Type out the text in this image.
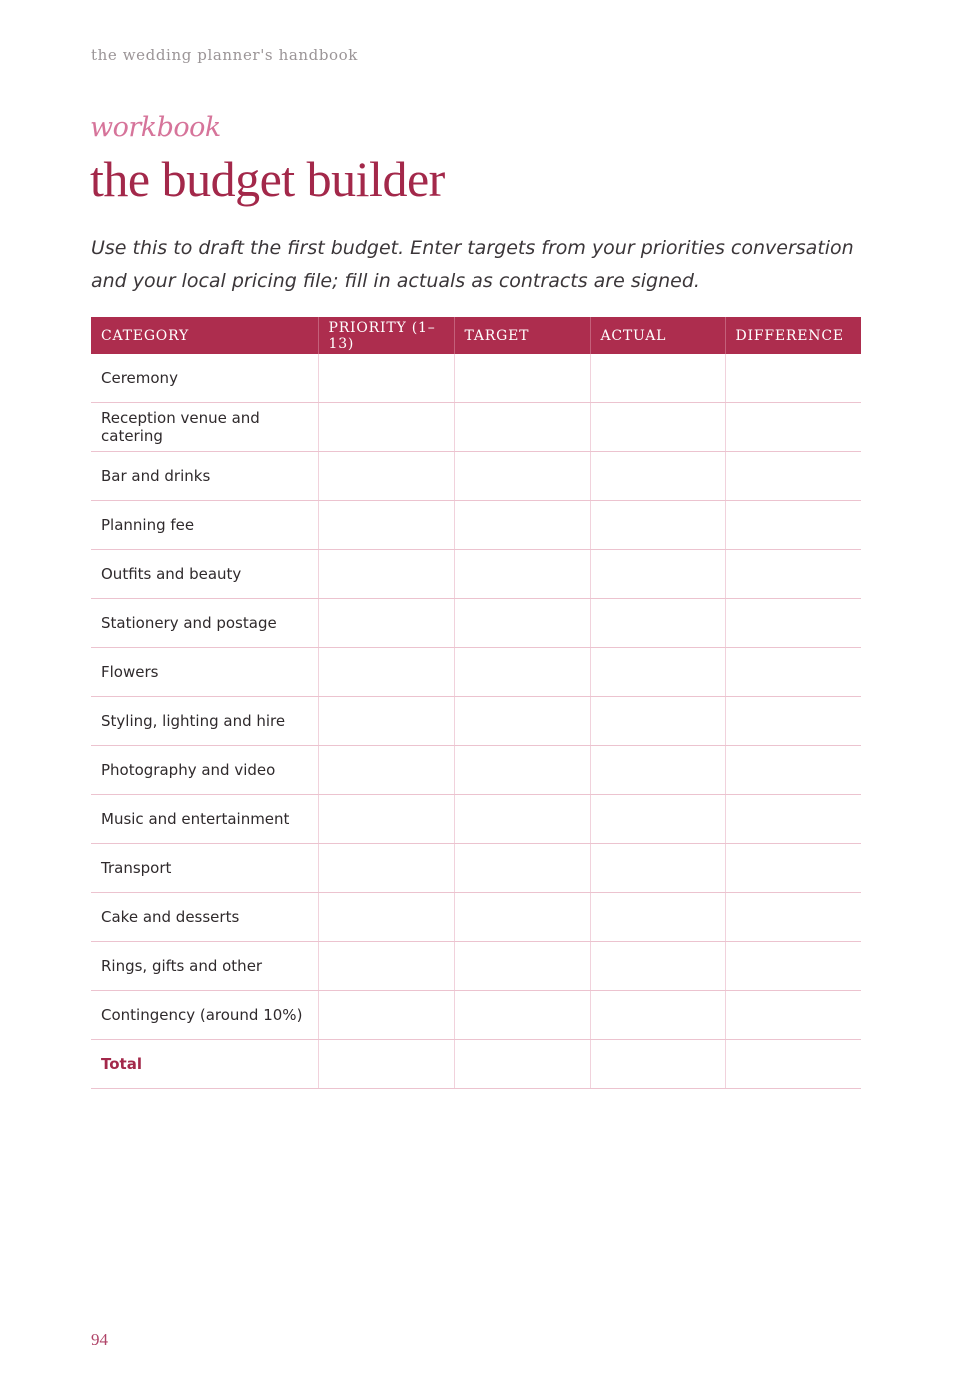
the wedding planner's handbook
workbook
the budget builder

Use this to draft the first budget. Enter targets from your priorities conversation and your local pricing file; fill in actuals as contracts are signed.

CATEGORY	PRIORITY (1–13)	TARGET	ACTUAL	DIFFERENCE
Ceremony				
Reception venue and catering				
Bar and drinks				
Planning fee				
Outfits and beauty				
Stationery and postage				
Flowers				
Styling, lighting and hire				
Photography and video				
Music and entertainment				
Transport				
Cake and desserts				
Rings, gifts and other				
Contingency (around 10%)				
Total				
94
